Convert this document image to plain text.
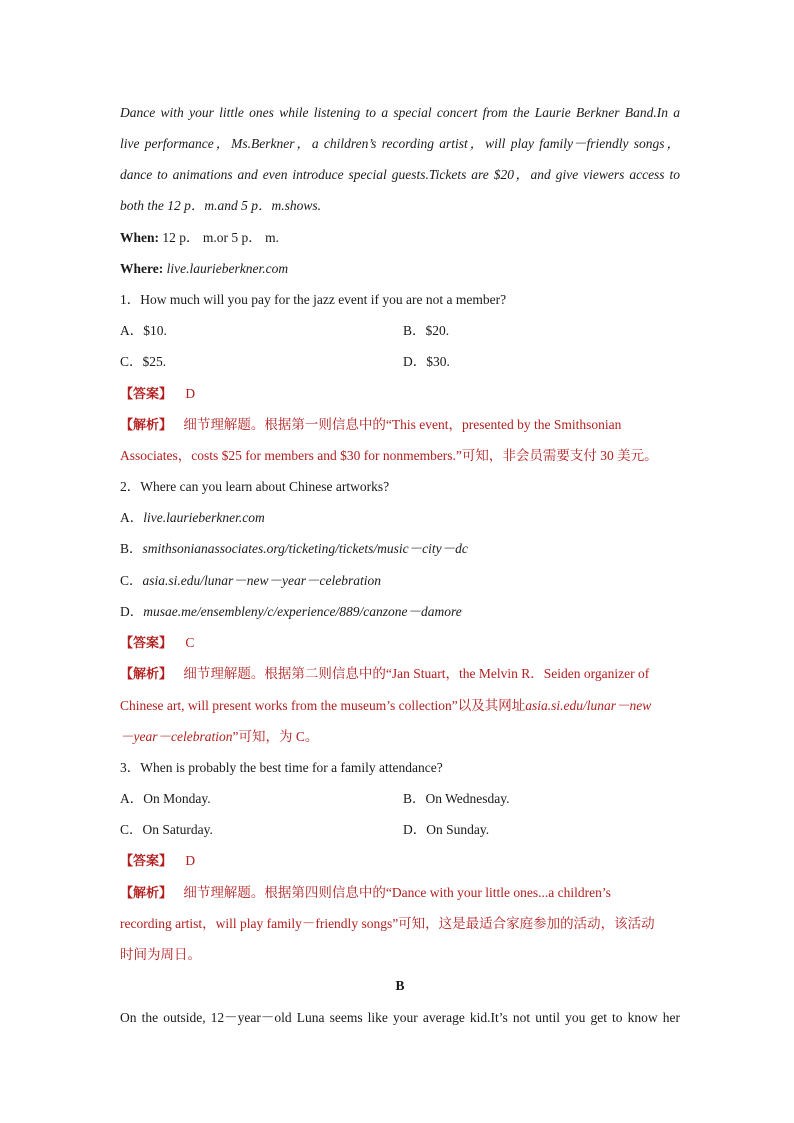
Dance with your little ones while listening to a special concert from the Laurie Berkner Band.In a
live performance，Ms.Berkner，a children’s recording artist，will play family－friendly songs，
dance to animations and even introduce special guests.Tickets are $20，and give viewers access to
both the 12 p．m.and 5 p．m.shows.
When: 12 p． m.or 5 p． m.
Where: live.laurieberkner.com
1．How much will you pay for the jazz event if you are not a member?
A．$10.	B．$20.
C．$25.	D．$30.
【答案】 D
【解析】 细节理解题。根据第一则信息中的“This event，presented by the Smithsonian
Associates，costs $25 for members and $30 for nonmembers.”可知，非会员需要支付 30 美元。
2．Where can you learn about Chinese artworks?
A．live.laurieberkner.com
B．smithsonianassociates.org/ticketing/tickets/music－city－dc
C．asia.si.edu/lunar－new－year－celebration
D．musae.me/ensembleny/c/experience/889/canzone－damore
【答案】 C
【解析】 细节理解题。根据第二则信息中的“Jan Stuart，the Melvin R．Seiden organizer of
Chinese art, will present works from the museum’s collection”以及其网址asia.si.edu/lunar－new
－year－celebration”可知，为 C。
3．When is probably the best time for a family attendance?
A．On Monday.	B．On Wednesday.
C．On Saturday.	D．On Sunday.
【答案】 D
【解析】 细节理解题。根据第四则信息中的“Dance with your little ones...a children’s
recording artist，will play family－friendly songs”可知，这是最适合家庭参加的活动，该活动
时间为周日。
B
On the outside, 12－year－old Luna seems like your average kid.It’s not until you get to know her
